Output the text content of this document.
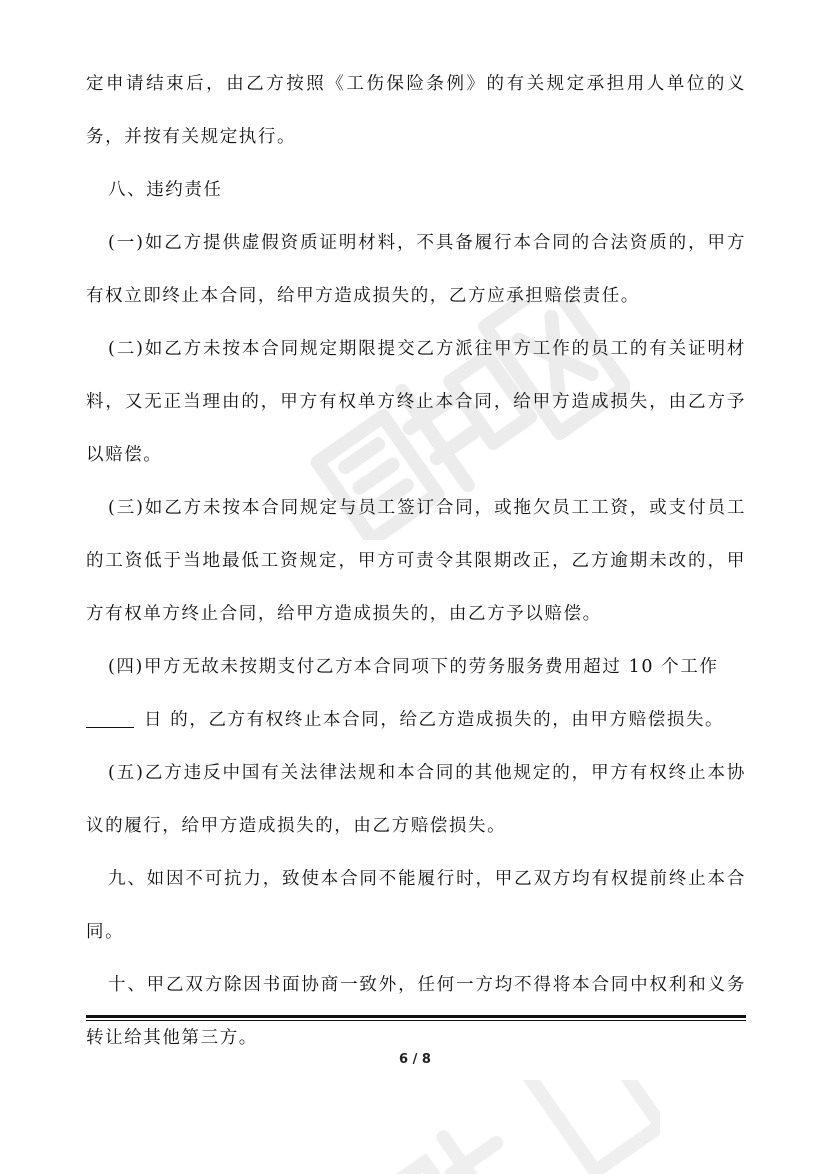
定申请结束后，由乙方按照《工伤保险条例》的有关规定承担用人单位的义务，并按有关规定执行。

八、违约责任

(一)如乙方提供虚假资质证明材料，不具备履行本合同的合法资质的，甲方有权立即终止本合同，给甲方造成损失的，乙方应承担赔偿责任。

(二)如乙方未按本合同规定期限提交乙方派往甲方工作的员工的有关证明材料，又无正当理由的，甲方有权单方终止本合同，给甲方造成损失，由乙方予以赔偿。

(三)如乙方未按本合同规定与员工签订合同，或拖欠员工工资，或支付员工的工资低于当地最低工资规定，甲方可责令其限期改正，乙方逾期未改的，甲方有权单方终止合同，给甲方造成损失的，由乙方予以赔偿。

(四)甲方无故未按期支付乙方本合同项下的劳务服务费用超过 10 个工作

日 的，乙方有权终止本合同，给乙方造成损失的，由甲方赔偿损失。

(五)乙方违反中国有关法律法规和本合同的其他规定的，甲方有权终止本协议的履行，给甲方造成损失的，由乙方赔偿损失。

九、如因不可抗力，致使本合同不能履行时，甲乙双方均有权提前终止本合同。

十、甲乙双方除因书面协商一致外，任何一方均不得将本合同中权利和义务转让给其他第三方。

6 / 8
